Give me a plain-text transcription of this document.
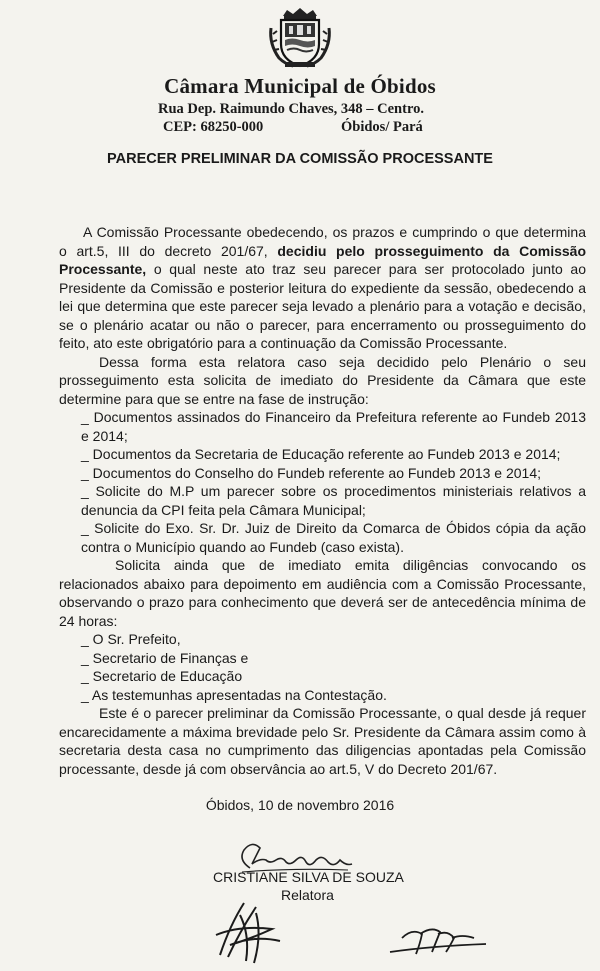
Câmara Municipal de Óbidos
Rua Dep. Raimundo Chaves, 348 – Centro.
CEP: 68250-000	Óbidos/ Pará
PARECER PRELIMINAR DA COMISSÃO PROCESSANTE

A Comissão Processante obedecendo, os prazos e cumprindo o que determina o art.5, III do decreto 201/67, decidiu pelo prosseguimento da Comissão Processante, o qual neste ato traz seu parecer para ser protocolado junto ao Presidente da Comissão e posterior leitura do expediente da sessão, obedecendo a lei que determina que este parecer seja levado a plenário para a votação e decisão, se o plenário acatar ou não o parecer, para encerramento ou prosseguimento do feito, ato este obrigatório para a continuação da Comissão Processante.

Dessa forma esta relatora caso seja decidido pelo Plenário o seu prosseguimento esta solicita de imediato do Presidente da Câmara que este determine para que se entre na fase de instrução:

_ Documentos assinados do Financeiro da Prefeitura referente ao Fundeb 2013 e 2014;
_ Documentos da Secretaria de Educação referente ao Fundeb 2013 e 2014;
_ Documentos do Conselho do Fundeb referente ao Fundeb 2013 e 2014;
_ Solicite do M.P um parecer sobre os procedimentos ministeriais relativos a denuncia da CPI feita pela Câmara Municipal;
_ Solicite do Exo. Sr. Dr. Juiz de Direito da Comarca de Óbidos cópia da ação contra o Município quando ao Fundeb (caso exista).

Solicita ainda que de imediato emita diligências convocando os relacionados abaixo para depoimento em audiência com a Comissão Processante, observando o prazo para conhecimento que deverá ser de antecedência mínima de 24 horas:

_ O Sr. Prefeito,
_ Secretario de Finanças e
_ Secretario de Educação
_ As testemunhas apresentadas na Contestação.

Este é o parecer preliminar da Comissão Processante, o qual desde já requer encarecidamente a máxima brevidade pelo Sr. Presidente da Câmara assim como à secretaria desta casa no cumprimento das diligencias apontadas pela Comissão processante, desde já com observância ao art.5, V do Decreto 201/67.

Óbidos, 10 de novembro 2016
CRISTIANE SILVA DE SOUZA
Relatora
